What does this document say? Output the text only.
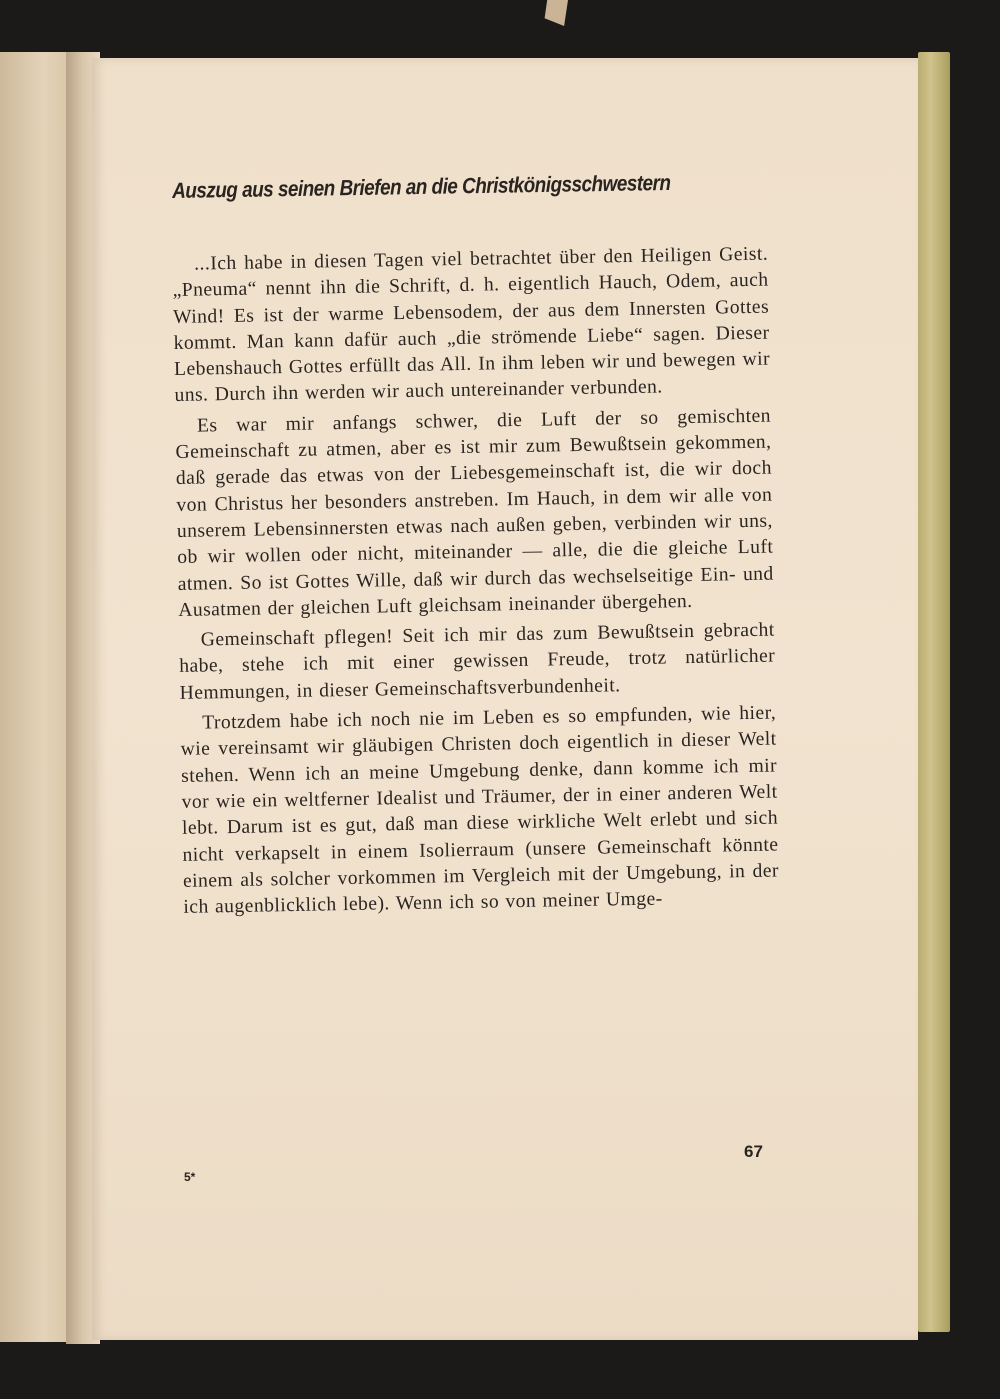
Auszug aus seinen Briefen an die Christkönigsschwestern

...Ich habe in diesen Tagen viel betrachtet über den Heiligen Geist. „Pneuma“ nennt ihn die Schrift, d. h. eigentlich Hauch, Odem, auch Wind! Es ist der warme Lebensodem, der aus dem Innersten Gottes kommt. Man kann dafür auch „die strömende Liebe“ sagen. Dieser Lebenshauch Gottes erfüllt das All. In ihm leben wir und bewegen wir uns. Durch ihn werden wir auch untereinander verbunden.

Es war mir anfangs schwer, die Luft der so gemischten Gemeinschaft zu atmen, aber es ist mir zum Bewußtsein gekommen, daß gerade das etwas von der Liebesgemeinschaft ist, die wir doch von Christus her besonders anstreben. Im Hauch, in dem wir alle von unserem Lebensinnersten etwas nach außen geben, verbinden wir uns, ob wir wollen oder nicht, miteinander — alle, die die gleiche Luft atmen. So ist Gottes Wille, daß wir durch das wechselseitige Ein- und Ausatmen der gleichen Luft gleichsam ineinander übergehen.

Gemeinschaft pflegen! Seit ich mir das zum Bewußtsein gebracht habe, stehe ich mit einer gewissen Freude, trotz natürlicher Hemmungen, in dieser Gemeinschaftsverbundenheit.

Trotzdem habe ich noch nie im Leben es so empfunden, wie hier, wie vereinsamt wir gläubigen Christen doch eigentlich in dieser Welt stehen. Wenn ich an meine Umgebung denke, dann komme ich mir vor wie ein weltferner Idealist und Träumer, der in einer anderen Welt lebt. Darum ist es gut, daß man diese wirkliche Welt erlebt und sich nicht verkapselt in einem Isolierraum (unsere Gemeinschaft könnte einem als solcher vorkommen im Vergleich mit der Umgebung, in der ich augenblicklich lebe). Wenn ich so von meiner Umge-

67
5*
